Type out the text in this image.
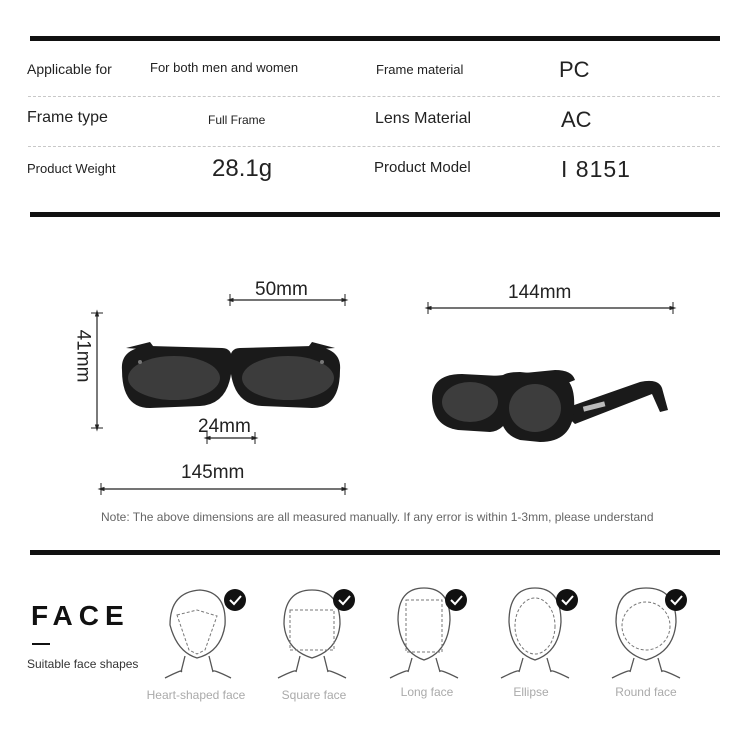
Applicable for	For both men and women	Frame material	PC
Frame type	Full Frame	Lens Material	AC
Product Weight	28.1g	Product Model	I 8151
50mm
41mm
24mm
145mm
144mm
Note: The above dimensions are all measured manually. If any error is within 1-3mm, please understand
FACE
Suitable face shapes
Heart-shaped face	Square face	Long face	Ellipse	Round face
